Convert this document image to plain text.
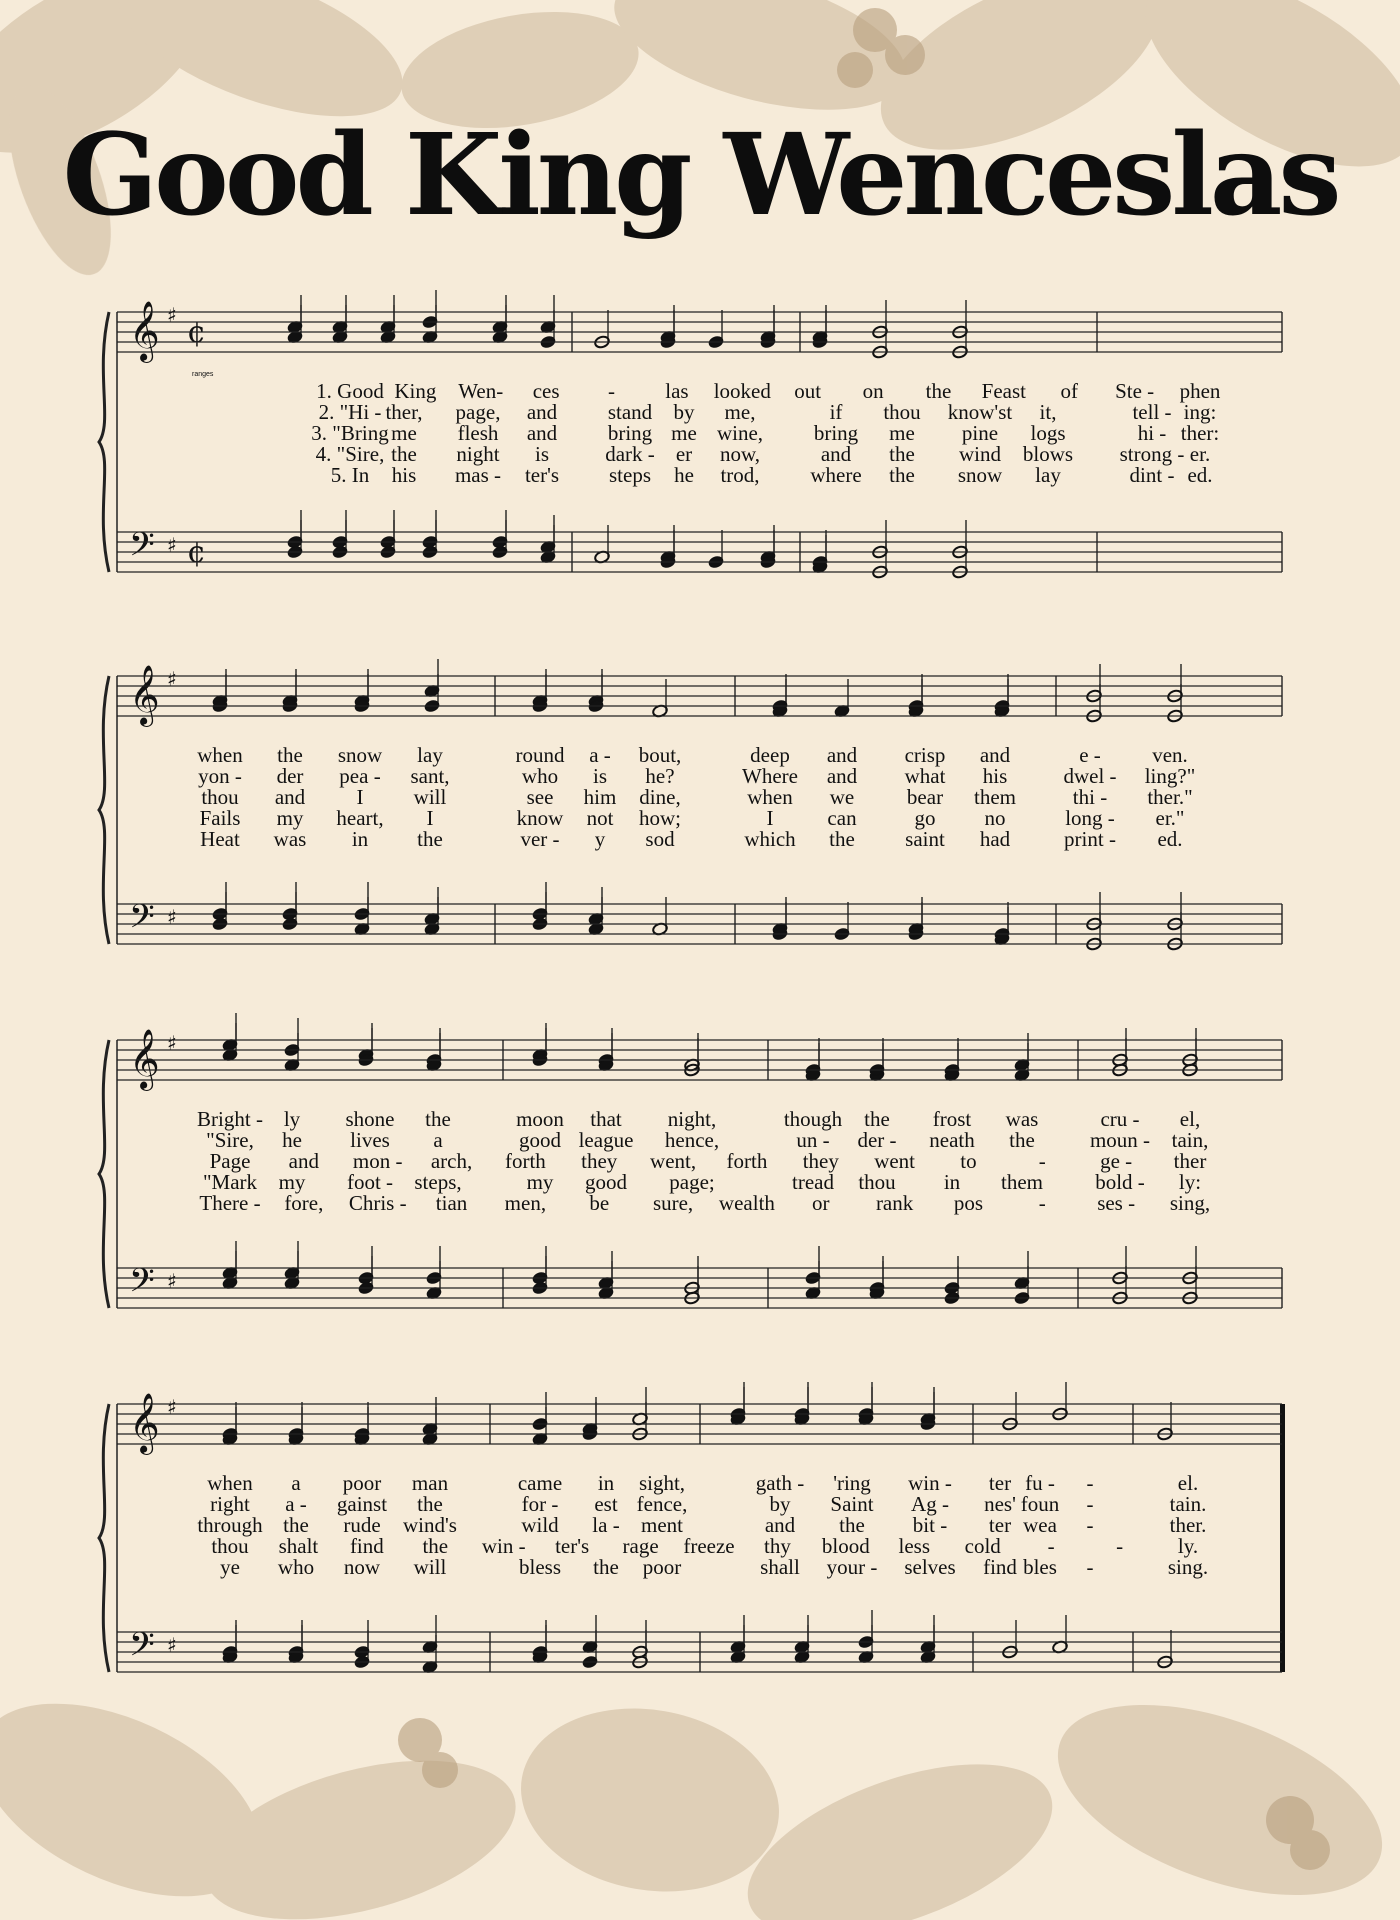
Good King Wenceslas
𝄞
𝄢
♯
♯
¢
¢
ranges
1. Good King Wen- ces - las looked out on the Feast of Ste - phen
2. "Hi - ther, page, and stand by me,	if thou know'st it,	tell - ing:
3. "Bring me flesh and bring me wine, bring me pine logs	hi - ther:
4. "Sire, the night is	dark - er now,	and the wind blows strong - er.
5. In his mas - ter's steps he trod, where the snow lay	dint - ed.
𝄞
𝄢
♯
♯
when the snow lay	round a - bout,	deep and crisp and	e - ven.
yon - der pea - sant,	who is he?	Where and what his	dwel - ling?"
thou and I will	see him dine,	when we	bear them	thi - ther."
Fails my heart, I	know not how;	I	can	go no	long - er."
Heat was in the	ver - y sod	which the saint had	print - ed.
𝄞
𝄢
♯
♯
Bright - ly shone the	moon that night,	though the frost was	cru - el,
"Sire, he lives a	good league hence,	un - der - neath the	moun - tain,
Page and mon - arch, forth they went, forth they went to	-	ge - ther
"Mark my foot - steps,	my good page;	tread thou in them bold - ly:
There - fore, Chris - tian men, be sure, wealth or rank pos	- ses - sing,
𝄞
𝄢
♯
♯
when a poor man	came in sight,	gath - 'ring win - ter fu - -	el.
right a - gainst the	for - est fence,	by Saint Ag - nes' foun -	tain.
through the rude wind's	wild la - ment	and the bit - ter wea -	ther.
thou shalt find the win - ter's rage freeze thy blood less cold -	-	ly.
ye who now will	bless the poor	shall your - selves find bles -	sing.
